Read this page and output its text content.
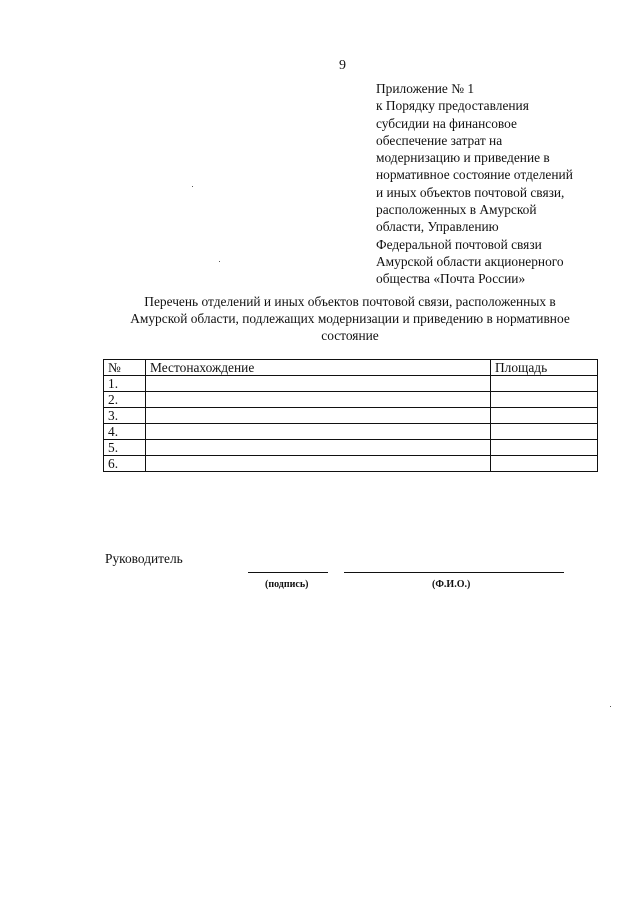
9
Приложение № 1
к Порядку предоставления
субсидии на финансовое
обеспечение затрат на
модернизацию и приведение в
нормативное состояние отделений
и иных объектов почтовой связи,
расположенных в Амурской
области, Управлению
Федеральной почтовой связи
Амурской области акционерного
общества «Почта России»
Перечень отделений и иных объектов почтовой связи, расположенных в
Амурской области, подлежащих модернизации и приведению в нормативное
состояние
№	Местонахождение	Площадь
1.		
2.		
3.		
4.		
5.		
6.		
Руководитель
(подпись)	(Ф.И.О.)
